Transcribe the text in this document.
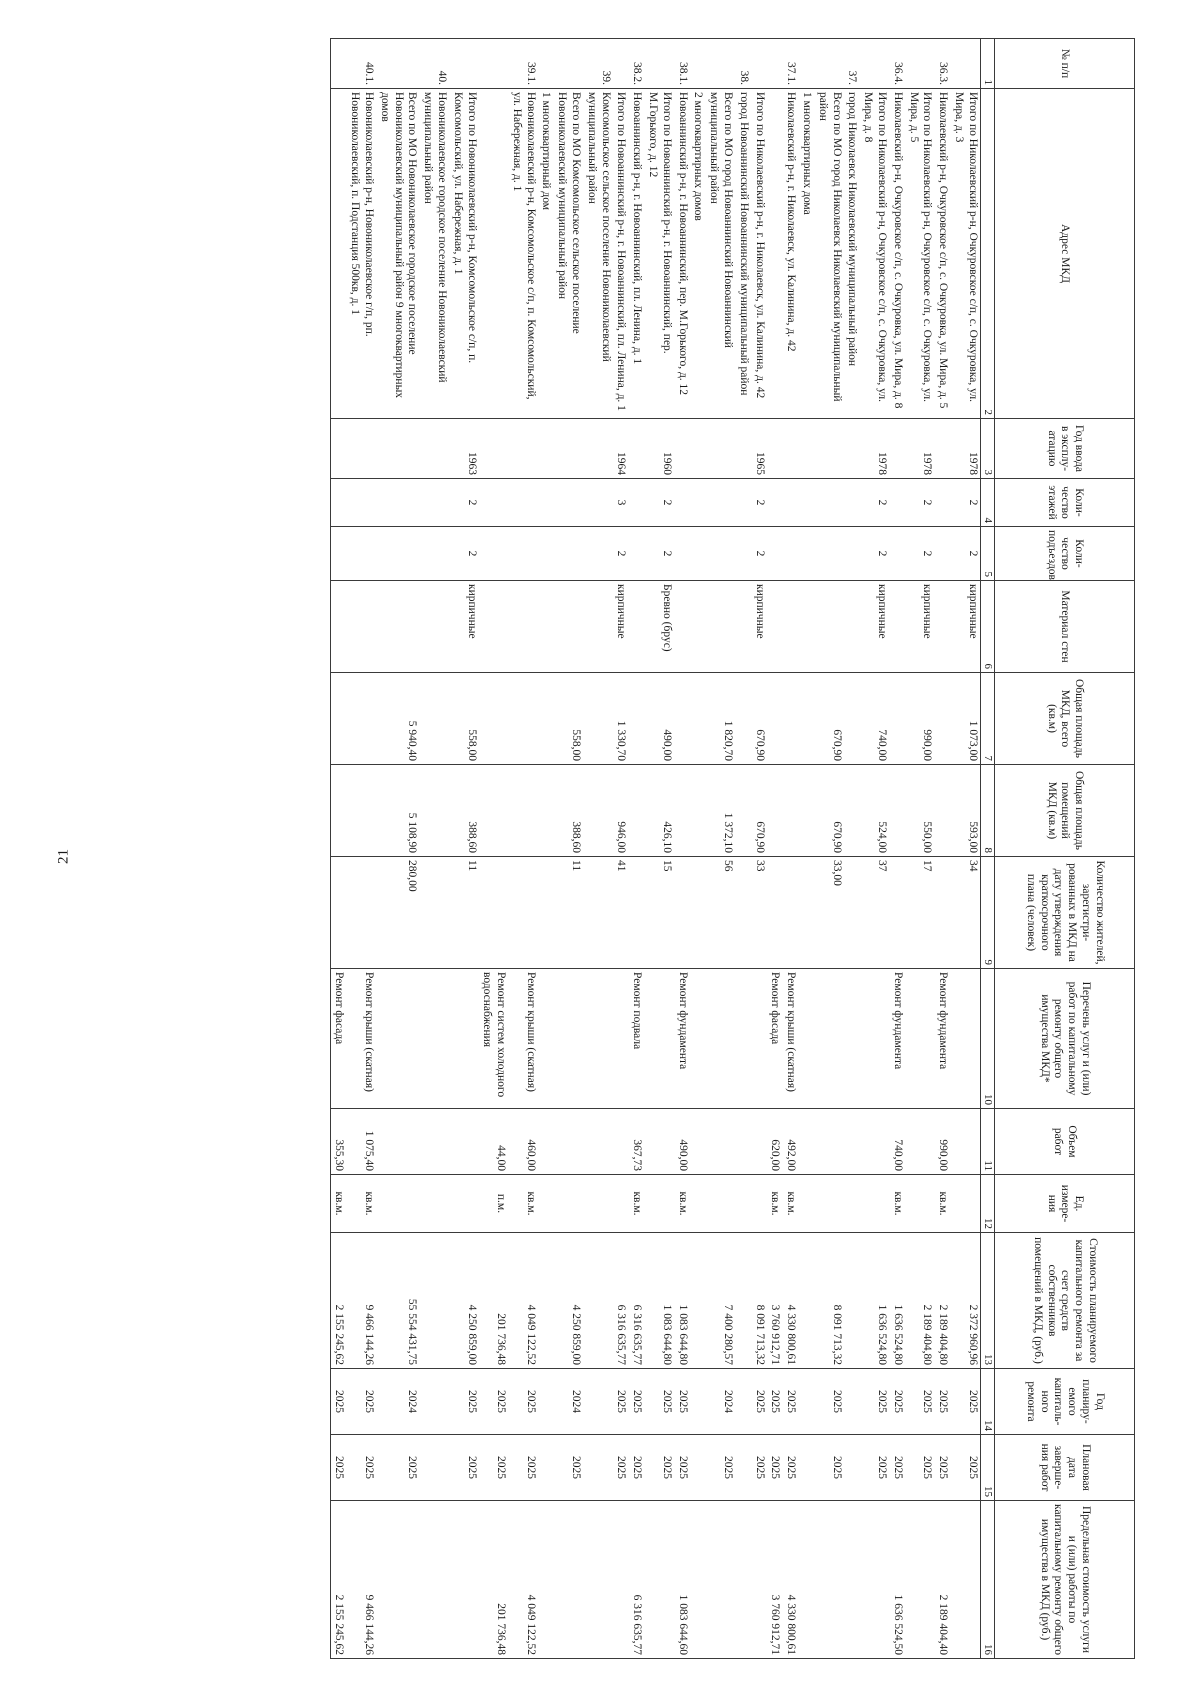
21
№ п/п	Адрес МКД	Год ввода в эксплу-атацию	Коли-чество этажей	Коли-чество подъездов	Материал стен	Общая площадь МКД, всего (кв.м)	Общая площадь помещений МКД (кв.м)	Количество жителей, зарегистри-рованных в МКД на дату утверждения краткосрочного плана (человек)	Перечень услуг и (или) работ по капитальному ремонту общего имущества МКД*	Объем работ	Ед. измере-ния	Стоимость планируемого капитального ремонта за счет средств собственников помещений в МКД, (руб.)	Год планиру-емого капиталь-ного ремонта	Плановая дата заверше-ния работ	Предельная стоимость услуги и (или) работы по капитальному ремонту общего имущества в МКД (руб.)
1	2	3	4	5	6	7	8	9	10	11	12	13	14	15	16
	Итого по Николаевский р-н, Очкуровское с/п, с. Очкуровка, ул. Мира, д. 3	1978	2	2	кирпичные	1 073,00	593,00	34				2 372 960,96	2025	2025	
36.3.	Николаевский р-н, Очкуровское с/п, с. Очкуровка, ул. Мира, д. 5								Ремонт фундамента	990,00	кв.м.	2 189 404,80	2025	2025	2 189 404,40
	Итого по Николаевский р-н, Очкуровское с/п, с. Очкуровка, ул. Мира, д. 5	1978	2	2	кирпичные	990,00	550,00	17				2 189 404,80	2025	2025	
36.4.	Николаевский р-н, Очкуровское с/п, с. Очкуровка, ул. Мира, д. 8								Ремонт фундамента	740,00	кв.м.	1 636 524,80	2025	2025	1 636 524,50
	Итого по Николаевский р-н, Очкуровское с/п, с. Очкуровка, ул. Мира, д. 8	1978	2	2	кирпичные	740,00	524,00	37				1 636 524,80	2025	2025	
37.	город Николаевск Николаевский муниципальный район														
	Всего по МО город Николаевск Николаевский муниципальный район					670,90	670,90	33,00				8 091 713,32	2025	2025	
	1 многоквартирных дома														
37.1.	Николаевский р-н, г. Николаевск, ул. Калинина, д. 42								Ремонт крыши (скатная)	492,00	кв.м.	4 330 800,61	2025	2025	4 330 800,61
									Ремонт фасада	620,00	кв.м.	3 760 912,71	2025	2025	3 760 912,71
	Итого по Николаевский р-н, г. Николаевск, ул. Калинина, д. 42	1965	2	2	кирпичные	670,90	670,90	33				8 091 713,32	2025	2025	
38.	город Новоаннинский Новоаннинский муниципальный район														
	Всего по МО город Новоаннинский Новоаннинский муниципальный район					1 820,70	1 372,10	56				7 400 280,57	2024	2025	
	2 многоквартирных домов														
38.1.	Новоаннинский р-н, г. Новоаннинский, пер. М.Горького, д. 12								Ремонт фундамента	490,00	кв.м.	1 083 644,80	2025	2025	1 083 644,60
	Итого по Новоаннинский р-н, г. Новоаннинский, пер. М.Горького, д. 12	1960	2	2	Бревно (брус)	490,00	426,10	15				1 083 644,80	2025	2025	
38.2.	Новоаннинский р-н, г. Новоаннинский, пл. Ленина, д. 1								Ремонт подвала	367,73	кв.м.	6 316 635,77	2025	2025	6 316 635,77
	Итого по Новоаннинский р-н, г. Новоаннинский, пл. Ленина, д. 1	1964	3	2	кирпичные	1 330,70	946,00	41				6 316 635,77	2025	2025	
39.	Комсомольское сельское поселение Новониколаевский муниципальный район														
	Всего по МО Комсомольское сельское поселение Новониколаевский муниципальный район					558,00	388,60	11				4 250 859,00	2024	2025	
	1 многоквартирный дом														
39.1.	Новониколаевский р-н, Комсомольское с/п, п. Комсомольский, ул. Набережная, д. 1								Ремонт крыши (скатная)	460,00	кв.м.	4 049 122,52	2025	2025	4 049 122,52
									Ремонт систем холодного водоснабжения	44,00	п.м.	201 736,48	2025	2025	201 736,48
	Итого по Новониколаевский р-н, Комсомольское с/п, п. Комсомольский, ул. Набережная, д. 1	1963	2	2	кирпичные	558,00	388,60	11				4 250 859,00	2025	2025	
40.	Новониколаевское городское поселение Новониколаевский муниципальный район														
	Всего по МО Новониколаевское городское поселение Новониколаевский муниципальный район 9 многоквартирных домов					5 940,40	5 108,90	280,00				55 554 431,75	2024	2025	
40.1.	Новониколаевский р-н, Новониколаевское г/п, рп. Новониколаевский, п. Подстанция 500кв, д. 1								Ремонт крыши (скатная)	1 075,40	кв.м.	9 466 144,26	2025	2025	9 466 144,26
									Ремонт фасада	355,30	кв.м.	2 155 245,62	2025	2025	2 155 245,62
